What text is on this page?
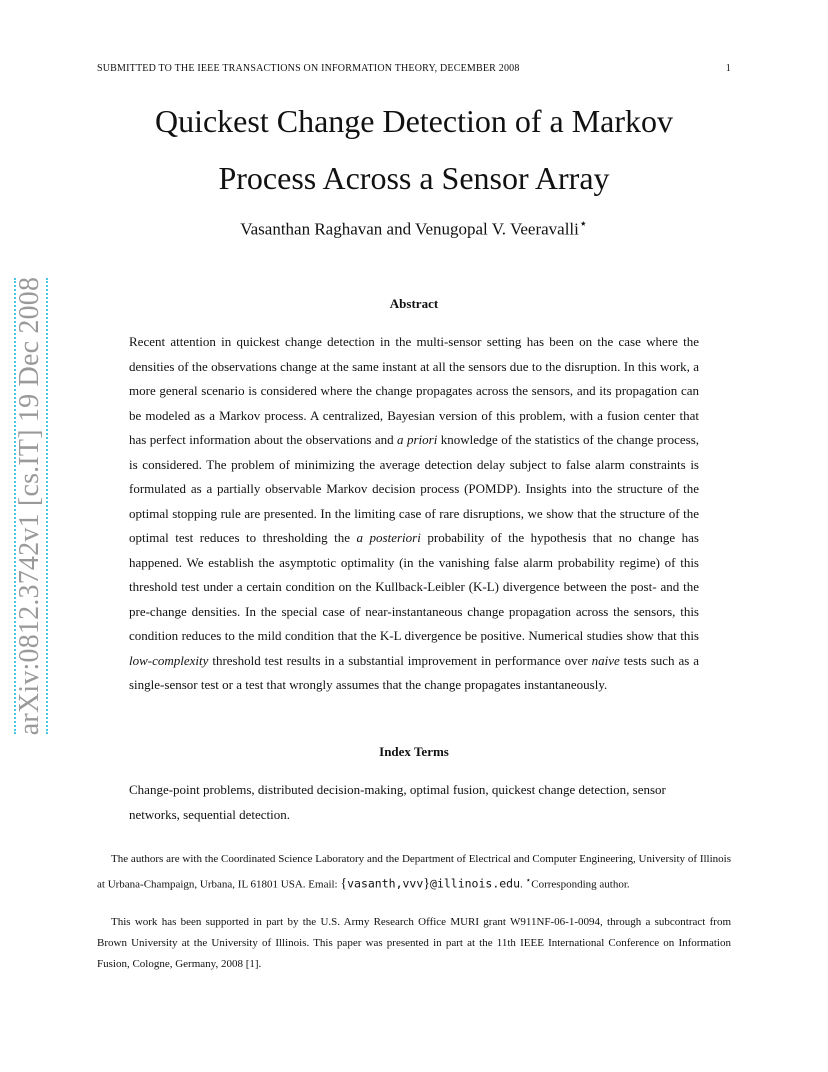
SUBMITTED TO THE IEEE TRANSACTIONS ON INFORMATION THEORY, DECEMBER 2008	1
Quickest Change Detection of a Markov
Process Across a Sensor Array
Vasanthan Raghavan and Venugopal V. Veeravalli⋆
arXiv:0812.3742v1 [cs.IT] 19 Dec 2008	Abstract

Recent attention in quickest change detection in the multi-sensor setting has been on the case where the densities of the observations change at the same instant at all the sensors due to the disruption. In this work, a more general scenario is considered where the change propagates across the sensors, and its propagation can be modeled as a Markov process. A centralized, Bayesian version of this problem, with a fusion center that has perfect information about the observations and a priori knowledge of the statistics of the change process, is considered. The problem of minimizing the average detection delay subject to false alarm constraints is formulated as a partially observable Markov decision process (POMDP). Insights into the structure of the optimal stopping rule are presented. In the limiting case of rare disruptions, we show that the structure of the optimal test reduces to thresholding the a posteriori probability of the hypothesis that no change has happened. We establish the asymptotic optimality (in the vanishing false alarm probability regime) of this threshold test under a certain condition on the Kullback-Leibler (K-L) divergence between the post- and the pre-change densities. In the special case of near-instantaneous change propagation across the sensors, this condition reduces to the mild condition that the K-L divergence be positive. Numerical studies show that this low-complexity threshold test results in a substantial improvement in performance over naive tests such as a single-sensor test or a test that wrongly assumes that the change propagates instantaneously.

Index Terms

Change-point problems, distributed decision-making, optimal fusion, quickest change detection, sensor networks, sequential detection.

The authors are with the Coordinated Science Laboratory and the Department of Electrical and Computer Engineering, University of Illinois at Urbana-Champaign, Urbana, IL 61801 USA. Email: {vasanth,vvv}@illinois.edu. ⋆Corresponding author.

This work has been supported in part by the U.S. Army Research Office MURI grant W911NF-06-1-0094, through a subcontract from Brown University at the University of Illinois. This paper was presented in part at the 11th IEEE International Conference on Information Fusion, Cologne, Germany, 2008 [1].
